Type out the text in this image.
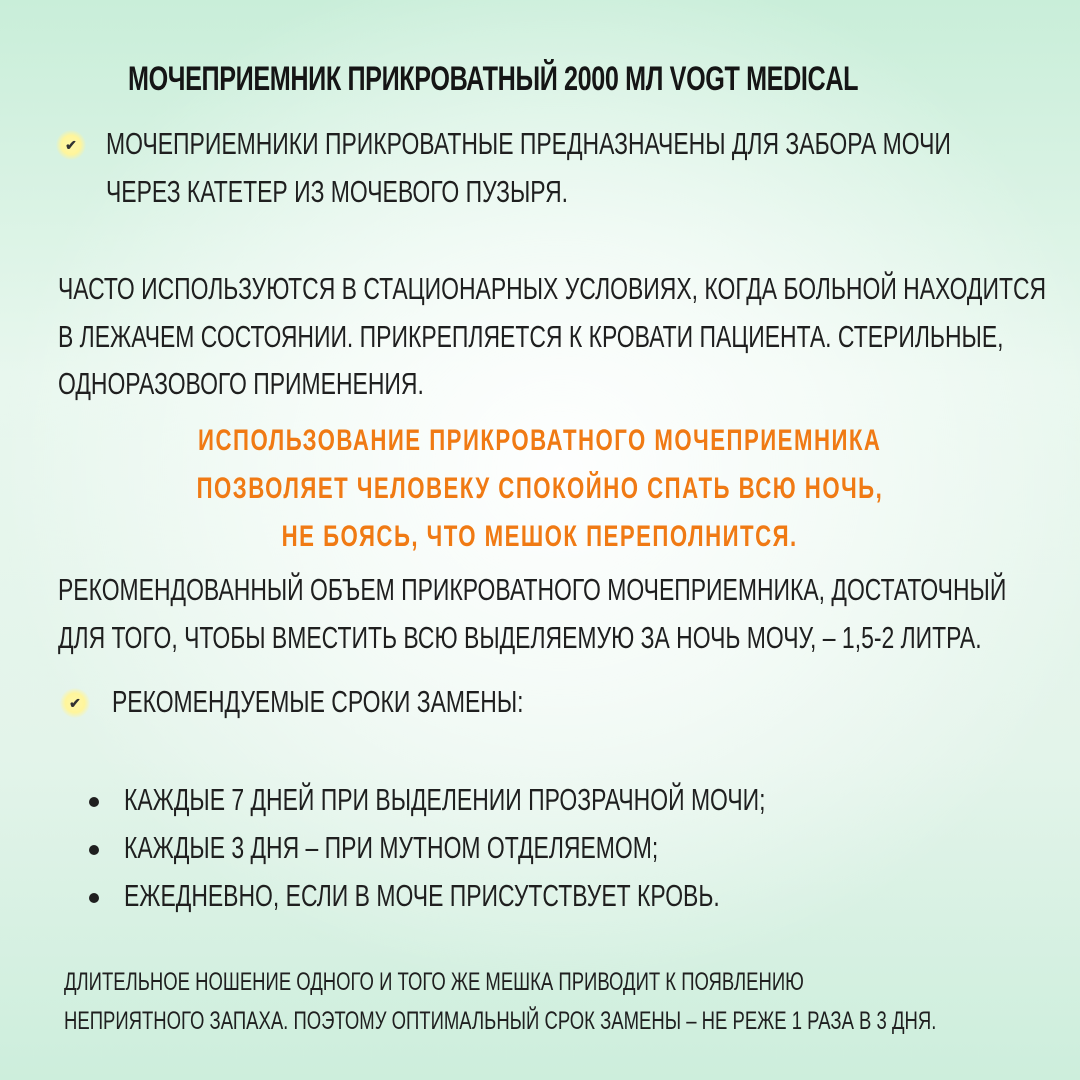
МОЧЕПРИЕМНИК ПРИКРОВАТНЫЙ 2000 МЛ VOGT MEDICAL
✔ МОЧЕПРИЕМНИКИ ПРИКРОВАТНЫЕ ПРЕДНАЗНАЧЕНЫ ДЛЯ ЗАБОРА МОЧИ
ЧЕРЕЗ КАТЕТЕР ИЗ МОЧЕВОГО ПУЗЫРЯ.
ЧАСТО ИСПОЛЬЗУЮТСЯ В СТАЦИОНАРНЫХ УСЛОВИЯХ, КОГДА БОЛЬНОЙ НАХОДИТСЯ
В ЛЕЖАЧЕМ СОСТОЯНИИ. ПРИКРЕПЛЯЕТСЯ К КРОВАТИ ПАЦИЕНТА. СТЕРИЛЬНЫЕ,
ОДНОРАЗОВОГО ПРИМЕНЕНИЯ.
ИСПОЛЬЗОВАНИЕ ПРИКРОВАТНОГО МОЧЕПРИЕМНИКА
ПОЗВОЛЯЕТ ЧЕЛОВЕКУ СПОКОЙНО СПАТЬ ВСЮ НОЧЬ,
НЕ БОЯСЬ, ЧТО МЕШОК ПЕРЕПОЛНИТСЯ.
РЕКОМЕНДОВАННЫЙ ОБЪЕМ ПРИКРОВАТНОГО МОЧЕПРИЕМНИКА, ДОСТАТОЧНЫЙ
ДЛЯ ТОГО, ЧТОБЫ ВМЕСТИТЬ ВСЮ ВЫДЕЛЯЕМУЮ ЗА НОЧЬ МОЧУ, – 1,5-2 ЛИТРА.
✔ РЕКОМЕНДУЕМЫЕ СРОКИ ЗАМЕНЫ:
КАЖДЫЕ 7 ДНЕЙ ПРИ ВЫДЕЛЕНИИ ПРОЗРАЧНОЙ МОЧИ;
КАЖДЫЕ 3 ДНЯ – ПРИ МУТНОМ ОТДЕЛЯЕМОМ;
ЕЖЕДНЕВНО, ЕСЛИ В МОЧЕ ПРИСУТСТВУЕТ КРОВЬ.
ДЛИТЕЛЬНОЕ НОШЕНИЕ ОДНОГО И ТОГО ЖЕ МЕШКА ПРИВОДИТ К ПОЯВЛЕНИЮ
НЕПРИЯТНОГО ЗАПАХА. ПОЭТОМУ ОПТИМАЛЬНЫЙ СРОК ЗАМЕНЫ – НЕ РЕЖЕ 1 РАЗА В 3 ДНЯ.
